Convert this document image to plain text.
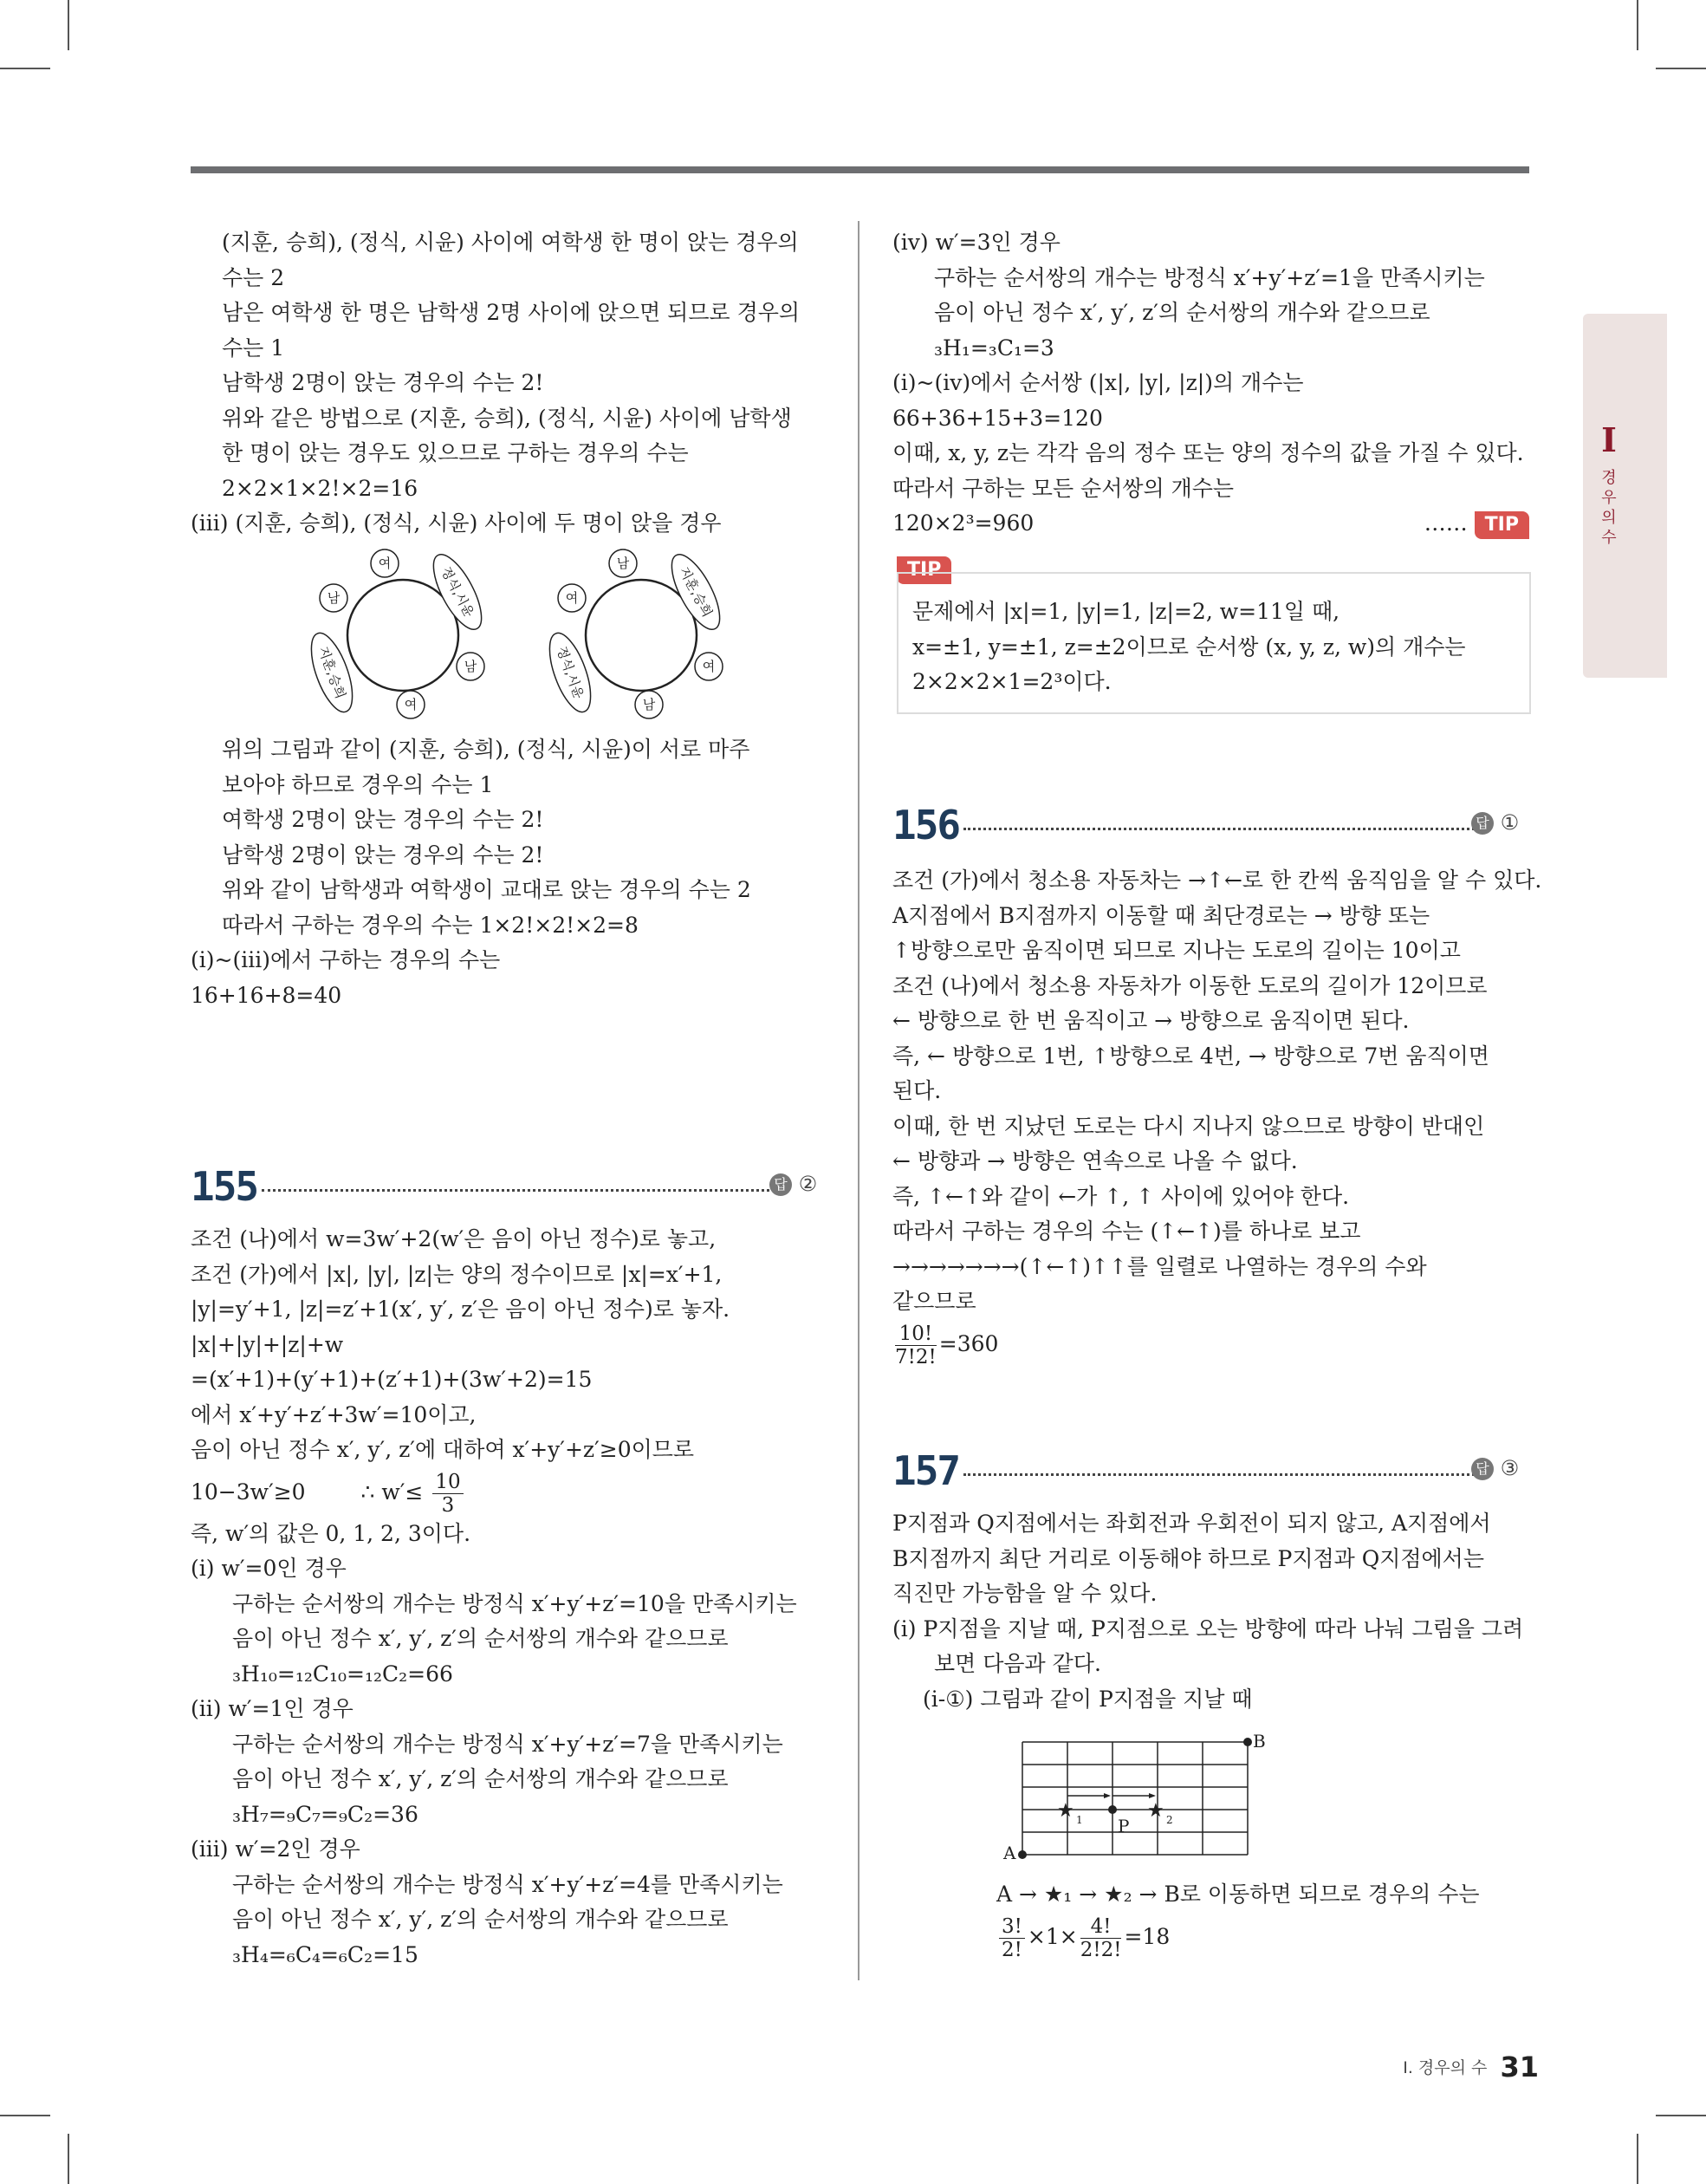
I
경
우
의
수
(지훈, 승희), (정식, 시윤) 사이에 여학생 한 명이 앉는 경우의
수는 2
남은 여학생 한 명은 남학생 2명 사이에 앉으면 되므로 경우의
수는 1
남학생 2명이 앉는 경우의 수는 2!
위와 같은 방법으로 (지훈, 승희), (정식, 시윤) 사이에 남학생
한 명이 앉는 경우도 있으므로 구하는 경우의 수는
2×2×1×2!×2=16
(iii) (지훈, 승희), (정식, 시윤) 사이에 두 명이 앉을 경우
여
남
남
여
정식,시윤
지훈,승희
남
여
여
남
지훈,승희
정식,시윤
위의 그림과 같이 (지훈, 승희), (정식, 시윤)이 서로 마주
보아야 하므로 경우의 수는 1
여학생 2명이 앉는 경우의 수는 2!
남학생 2명이 앉는 경우의 수는 2!
위와 같이 남학생과 여학생이 교대로 앉는 경우의 수는 2
따라서 구하는 경우의 수는 1×2!×2!×2=8
(i)~(iii)에서 구하는 경우의 수는
16+16+8=40
155	답 ②
조건 (나)에서 w=3w′+2(w′은 음이 아닌 정수)로 놓고,
조건 (가)에서 |x|, |y|, |z|는 양의 정수이므로 |x|=x′+1,
|y|=y′+1, |z|=z′+1(x′, y′, z′은 음이 아닌 정수)로 놓자.
|x|+|y|+|z|+w
=(x′+1)+(y′+1)+(z′+1)+(3w′+2)=15
에서 x′+y′+z′+3w′=10이고,
음이 아닌 정수 x′, y′, z′에 대하여 x′+y′+z′≥0이므로
10−3w′≥0	∴ $w'\le \frac{10}{3}$
즉, w′의 값은 0, 1, 2, 3이다.
(i) w′=0인 경우
구하는 순서쌍의 개수는 방정식 x′+y′+z′=10을 만족시키는
음이 아닌 정수 x′, y′, z′의 순서쌍의 개수와 같으므로
₃H₁₀=₁₂C₁₀=₁₂C₂=66
(ii) w′=1인 경우
구하는 순서쌍의 개수는 방정식 x′+y′+z′=7을 만족시키는
음이 아닌 정수 x′, y′, z′의 순서쌍의 개수와 같으므로
₃H₇=₉C₇=₉C₂=36
(iii) w′=2인 경우
구하는 순서쌍의 개수는 방정식 x′+y′+z′=4를 만족시키는
음이 아닌 정수 x′, y′, z′의 순서쌍의 개수와 같으므로
₃H₄=₆C₄=₆C₂=15
(iv) w′=3인 경우
구하는 순서쌍의 개수는 방정식 x′+y′+z′=1을 만족시키는
음이 아닌 정수 x′, y′, z′의 순서쌍의 개수와 같으므로
₃H₁=₃C₁=3
(i)~(iv)에서 순서쌍 (|x|, |y|, |z|)의 개수는
66+36+15+3=120
이때, x, y, z는 각각 음의 정수 또는 양의 정수의 값을 가질 수 있다.
따라서 구하는 모든 순서쌍의 개수는
120×2³=960	…… TIP
TIP
문제에서 |x|=1, |y|=1, |z|=2, w=11일 때,
x=±1, y=±1, z=±2이므로 순서쌍 (x, y, z, w)의 개수는
2×2×2×1=2³이다.
156	답 ①
조건 (가)에서 청소용 자동차는 →↑←로 한 칸씩 움직임을 알 수 있다.
A지점에서 B지점까지 이동할 때 최단경로는 → 방향 또는
↑방향으로만 움직이면 되므로 지나는 도로의 길이는 10이고
조건 (나)에서 청소용 자동차가 이동한 도로의 길이가 12이므로
← 방향으로 한 번 움직이고 → 방향으로 움직이면 된다.
즉, ← 방향으로 1번, ↑방향으로 4번, → 방향으로 7번 움직이면
된다.
이때, 한 번 지났던 도로는 다시 지나지 않으므로 방향이 반대인
← 방향과 → 방향은 연속으로 나올 수 없다.
즉, ↑←↑와 같이 ←가 ↑, ↑ 사이에 있어야 한다.
따라서 구하는 경우의 수는 (↑←↑)를 하나로 보고
→→→→→→→(↑←↑)↑↑를 일렬로 나열하는 경우의 수와
같으므로
$\frac{10!}{7!2!} =360$
157	답 ③
P지점과 Q지점에서는 좌회전과 우회전이 되지 않고, A지점에서
B지점까지 최단 거리로 이동해야 하므로 P지점과 Q지점에서는
직진만 가능함을 알 수 있다.
(i) P지점을 지날 때, P지점으로 오는 방향에 따라 나눠 그림을 그려
보면 다음과 같다.
(i-①) 그림과 같이 P지점을 지날 때
A
B
P
★ 1	★ 2
A → ★₁ → ★₂ → B로 이동하면 되므로 경우의 수는
$\frac{3!}{2!} \times 1\times \frac{4!}{2!2!} =18$
I. 경우의 수 31
